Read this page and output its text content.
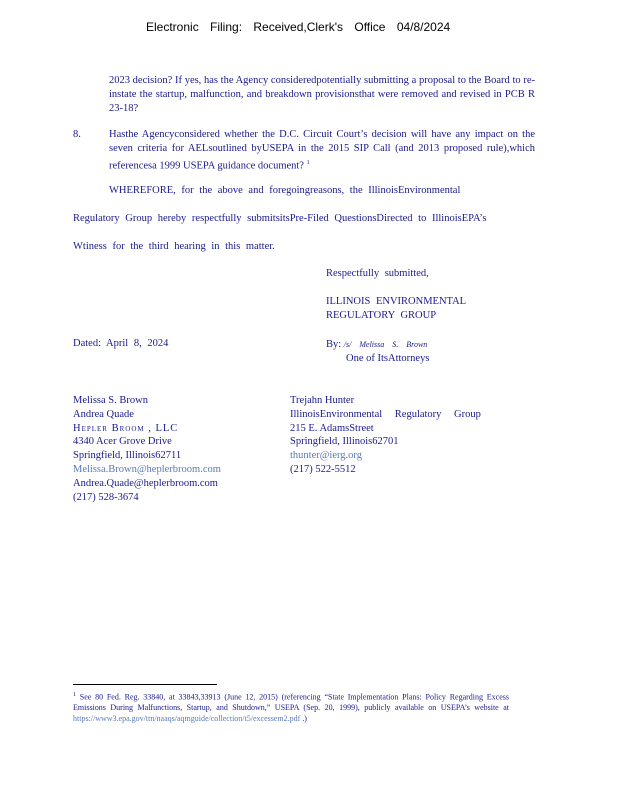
Electronic Filing: Received,Clerk's Office 04/8/2024
2023 decision? If yes, has the Agency consideredpotentially submitting a proposal to the Board to re-instate the startup, malfunction, and breakdown provisionsthat were removed and revised in PCB R 23-18?
8.	Hasthe Agencyconsidered whether the D.C. Circuit Court’s decision will have any impact on the seven criteria for AELsoutlined byUSEPA in the 2015 SIP Call (and 2013 proposed rule),which referencesa 1999 USEPA guidance document? $^1$
WHEREFORE, for the above and foregoingreasons, the IllinoisEnvironmental
Regulatory Group hereby respectfully submitsitsPre-Filed QuestionsDirected to IllinoisEPA’s
Wtiness for the third hearing in this matter.
Respectfully submitted,
ILLINOIS ENVIRONMENTAL
REGULATORY GROUP
Dated: April 8, 2024	By: /s/ Melissa S. Brown
One of ItsAttorneys
Melissa S. Brown
Andrea Quade
Hepler Broom , LLC
4340 Acer Grove Drive
Springfield, Illinois62711
Melissa.Brown@heplerbroom.com
Andrea.Quade@heplerbroom.com
(217) 528-3674
Trejahn Hunter
IllinoisEnvironmental Regulatory Group
215 E. AdamsStreet
Springfield, Illinois62701
thunter@ierg.org
(217) 522-5512
$^1$ See 80 Fed. Reg. 33840, at 33843,33913 (June 12, 2015) (referencing “State Implementation Plans: Policy Regarding Excess Emissions During Malfunctions, Startup, and Shutdown,” USEPA (Sep. 20, 1999), publicly available on USEPA’s website at https://www3.epa.gov/ttn/naaqs/aqmguide/collection/t5/excessem2.pdf .)
